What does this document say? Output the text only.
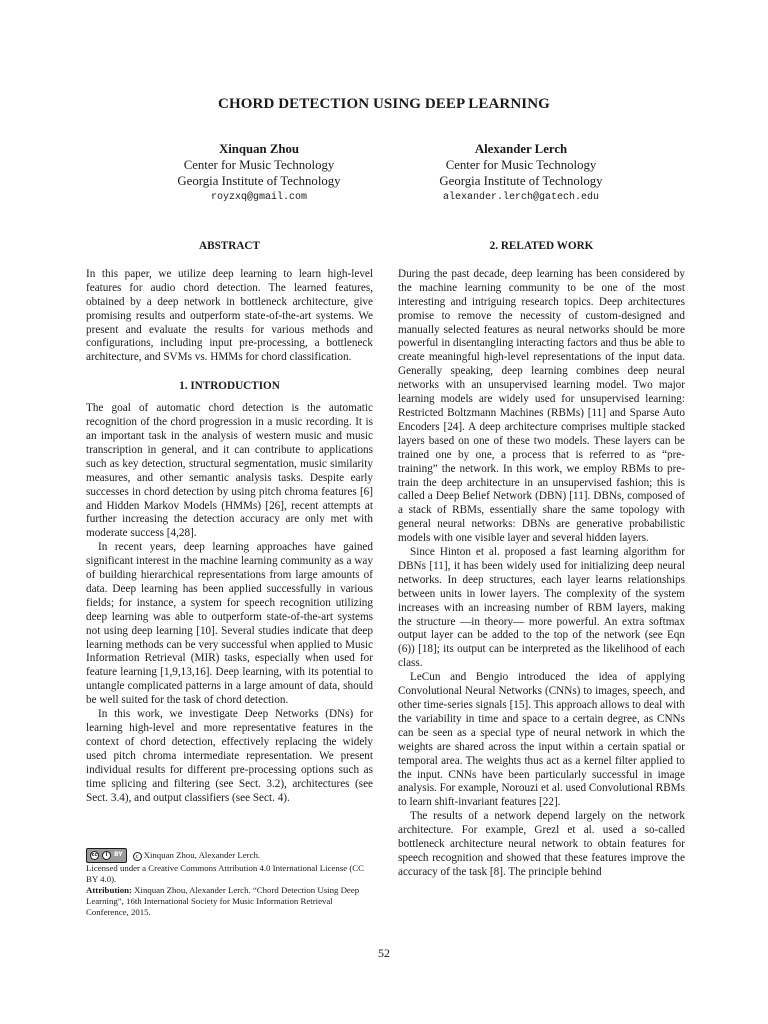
CHORD DETECTION USING DEEP LEARNING
Xinquan Zhou
Center for Music Technology
Georgia Institute of Technology
royzxq@gmail.com
Alexander Lerch
Center for Music Technology
Georgia Institute of Technology
alexander.lerch@gatech.edu
ABSTRACT

In this paper, we utilize deep learning to learn high-level features for audio chord detection. The learned features, obtained by a deep network in bottleneck architecture, give promising results and outperform state-of-the-art systems. We present and evaluate the results for various methods and configurations, including input pre-processing, a bottleneck architecture, and SVMs vs. HMMs for chord classification.

1. INTRODUCTION

The goal of automatic chord detection is the automatic recognition of the chord progression in a music recording. It is an important task in the analysis of western music and music transcription in general, and it can contribute to applications such as key detection, structural segmentation, music similarity measures, and other semantic analysis tasks. Despite early successes in chord detection by using pitch chroma features [6] and Hidden Markov Models (HMMs) [26], recent attempts at further increasing the detection accuracy are only met with moderate success [4,28].

In recent years, deep learning approaches have gained significant interest in the machine learning community as a way of building hierarchical representations from large amounts of data. Deep learning has been applied successfully in various fields; for instance, a system for speech recognition utilizing deep learning was able to outperform state-of-the-art systems not using deep learning [10]. Several studies indicate that deep learning methods can be very successful when applied to Music Information Retrieval (MIR) tasks, especially when used for feature learning [1,9,13,16]. Deep learning, with its potential to untangle complicated patterns in a large amount of data, should be well suited for the task of chord detection.

In this work, we investigate Deep Networks (DNs) for learning high-level and more representative features in the context of chord detection, effectively replacing the widely used pitch chroma intermediate representation. We present individual results for different pre-processing options such as time splicing and filtering (see Sect. 3.2), architectures (see Sect. 3.4), and output classifiers (see Sect. 4).

2. RELATED WORK

During the past decade, deep learning has been considered by the machine learning community to be one of the most interesting and intriguing research topics. Deep architectures promise to remove the necessity of custom-designed and manually selected features as neural networks should be more powerful in disentangling interacting factors and thus be able to create meaningful high-level representations of the input data. Generally speaking, deep learning combines deep neural networks with an unsupervised learning model. Two major learning models are widely used for unsupervised learning: Restricted Boltzmann Machines (RBMs) [11] and Sparse Auto Encoders [24]. A deep architecture comprises multiple stacked layers based on one of these two models. These layers can be trained one by one, a process that is referred to as “pre-training” the network. In this work, we employ RBMs to pre-train the deep architecture in an unsupervised fashion; this is called a Deep Belief Network (DBN) [11]. DBNs, composed of a stack of RBMs, essentially share the same topology with general neural networks: DBNs are generative probabilistic models with one visible layer and several hidden layers.

Since Hinton et al. proposed a fast learning algorithm for DBNs [11], it has been widely used for initializing deep neural networks. In deep structures, each layer learns relationships between units in lower layers. The complexity of the system increases with an increasing number of RBM layers, making the structure —in theory— more powerful. An extra softmax output layer can be added to the top of the network (see Eqn (6)) [18]; its output can be interpreted as the likelihood of each class.

LeCun and Bengio introduced the idea of applying Convolutional Neural Networks (CNNs) to images, speech, and other time-series signals [15]. This approach allows to deal with the variability in time and space to a certain degree, as CNNs can be seen as a special type of neural network in which the weights are shared across the input within a certain spatial or temporal area. The weights thus act as a kernel filter applied to the input. CNNs have been particularly successful in image analysis. For example, Norouzi et al. used Convolutional RBMs to learn shift-invariant features [22].

The results of a network depend largely on the network architecture. For example, Grezl et al. used a so-called bottleneck architecture neural network to obtain features for speech recognition and showed that these features improve the accuracy of the task [8]. The principle behind

cc	i	BY	c Xinquan Zhou, Alexander Lerch.
Licensed under a Creative Commons Attribution 4.0 International License (CC BY 4.0).
Attribution: Xinquan Zhou, Alexander Lerch. “Chord Detection Using Deep Learning”, 16th International Society for Music Information Retrieval Conference, 2015.
52
